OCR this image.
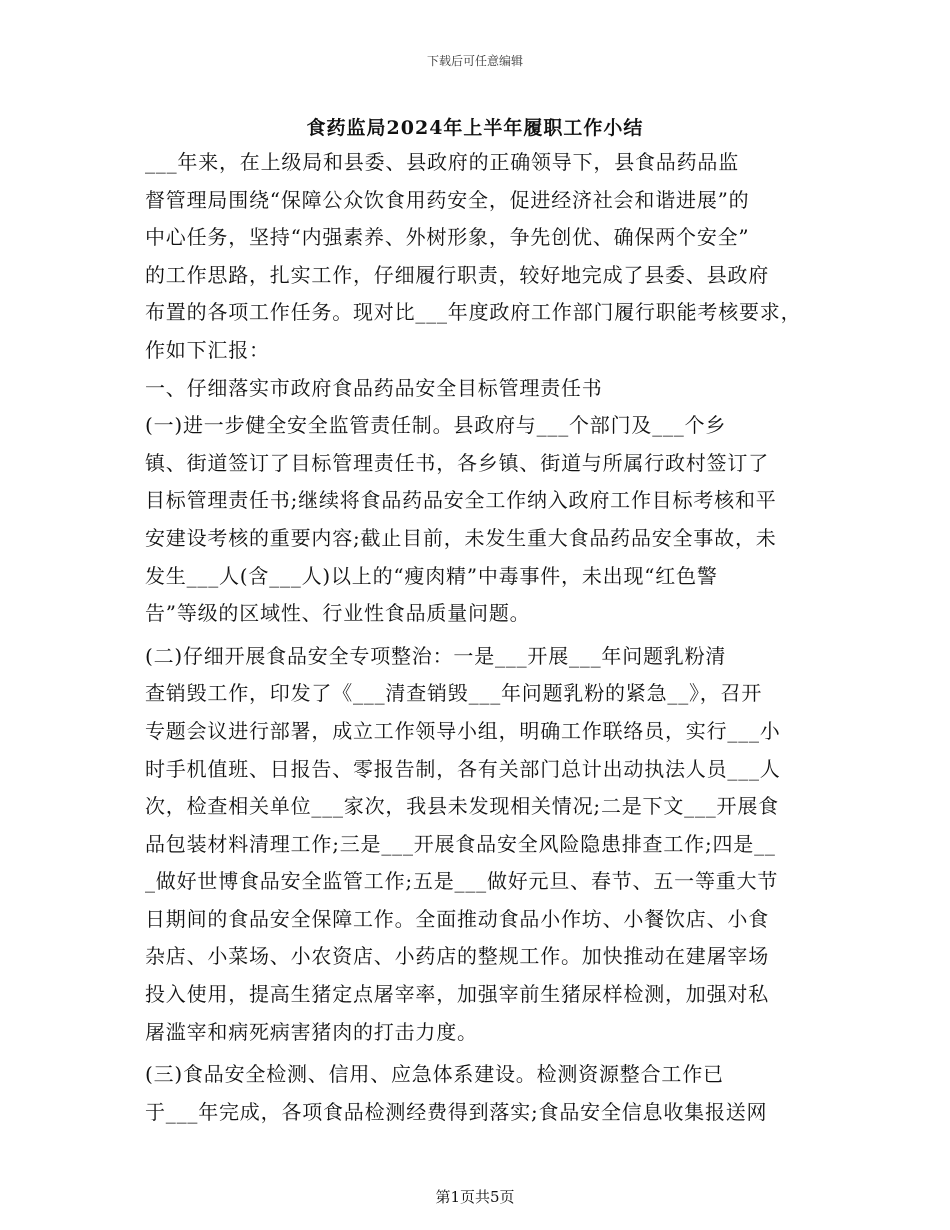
下载后可任意编辑
食药监局2024年上半年履职工作小结
___年来，在上级局和县委、县政府的正确领导下，县食品药品监
督管理局围绕“保障公众饮食用药安全，促进经济社会和谐进展”的
中心任务，坚持“内强素养、外树形象，争先创优、确保两个安全”
的工作思路，扎实工作，仔细履行职责，较好地完成了县委、县政府
布置的各项工作任务。现对比___年度政府工作部门履行职能考核要求，
作如下汇报：
一、仔细落实市政府食品药品安全目标管理责任书
(一)进一步健全安全监管责任制。县政府与___个部门及___个乡
镇、街道签订了目标管理责任书，各乡镇、街道与所属行政村签订了
目标管理责任书;继续将食品药品安全工作纳入政府工作目标考核和平
安建设考核的重要内容;截止目前，未发生重大食品药品安全事故，未
发生___人(含___人)以上的“瘦肉精”中毒事件，未出现“红色警
告”等级的区域性、行业性食品质量问题。
(二)仔细开展食品安全专项整治：一是___开展___年问题乳粉清
查销毁工作，印发了《___清查销毁___年问题乳粉的紧急__》，召开
专题会议进行部署，成立工作领导小组，明确工作联络员，实行___小
时手机值班、日报告、零报告制，各有关部门总计出动执法人员___人
次，检查相关单位___家次，我县未发现相关情况;二是下文___开展食
品包装材料清理工作;三是___开展食品安全风险隐患排查工作;四是__
_做好世博食品安全监管工作;五是___做好元旦、春节、五一等重大节
日期间的食品安全保障工作。全面推动食品小作坊、小餐饮店、小食
杂店、小菜场、小农资店、小药店的整规工作。加快推动在建屠宰场
投入使用，提高生猪定点屠宰率，加强宰前生猪尿样检测，加强对私
屠滥宰和病死病害猪肉的打击力度。
(三)食品安全检测、信用、应急体系建设。检测资源整合工作已
于___年完成，各项食品检测经费得到落实;食品安全信息收集报送网
第1页共5页
